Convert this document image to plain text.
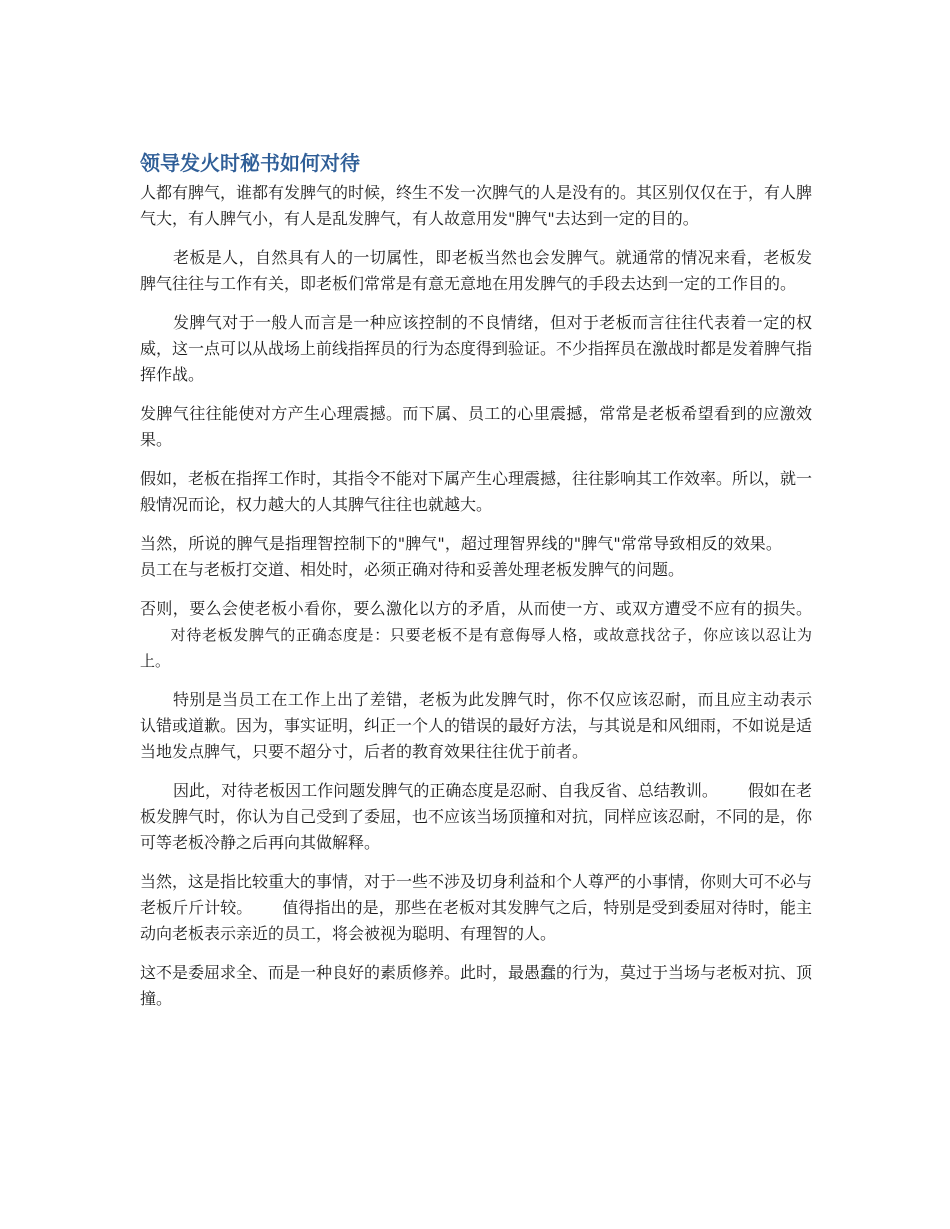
领导发火时秘书如何对待

人都有脾气，谁都有发脾气的时候，终生不发一次脾气的人是没有的。其区别仅仅在于，有人脾气大，有人脾气小，有人是乱发脾气，有人故意用发"脾气"去达到一定的目的。

老板是人，自然具有人的一切属性，即老板当然也会发脾气。就通常的情况来看，老板发脾气往往与工作有关，即老板们常常是有意无意地在用发脾气的手段去达到一定的工作目的。

发脾气对于一般人而言是一种应该控制的不良情绪，但对于老板而言往往代表着一定的权威，这一点可以从战场上前线指挥员的行为态度得到验证。不少指挥员在激战时都是发着脾气指挥作战。

发脾气往往能使对方产生心理震撼。而下属、员工的心里震撼，常常是老板希望看到的应激效果。

假如，老板在指挥工作时，其指令不能对下属产生心理震撼，往往影响其工作效率。所以，就一般情况而论，权力越大的人其脾气往往也就越大。

当然，所说的脾气是指理智控制下的"脾气"，超过理智界线的"脾气"常常导致相反的效果。员工在与老板打交道、相处时，必须正确对待和妥善处理老板发脾气的问题。

否则，要么会使老板小看你，要么激化以方的矛盾，从而使一方、或双方遭受不应有的损失。对待老板发脾气的正确态度是：只要老板不是有意侮辱人格，或故意找岔子，你应该以忍让为上。

特别是当员工在工作上出了差错，老板为此发脾气时，你不仅应该忍耐，而且应主动表示认错或道歉。因为，事实证明，纠正一个人的错误的最好方法，与其说是和风细雨，不如说是适当地发点脾气，只要不超分寸，后者的教育效果往往优于前者。

因此，对待老板因工作问题发脾气的正确态度是忍耐、自我反省、总结教训。 假如在老板发脾气时，你认为自己受到了委屈，也不应该当场顶撞和对抗，同样应该忍耐，不同的是，你可等老板冷静之后再向其做解释。

当然，这是指比较重大的事情，对于一些不涉及切身利益和个人尊严的小事情，你则大可不必与老板斤斤计较。 值得指出的是，那些在老板对其发脾气之后，特别是受到委屈对待时，能主动向老板表示亲近的员工，将会被视为聪明、有理智的人。

这不是委屈求全、而是一种良好的素质修养。此时，最愚蠢的行为，莫过于当场与老板对抗、顶撞。
